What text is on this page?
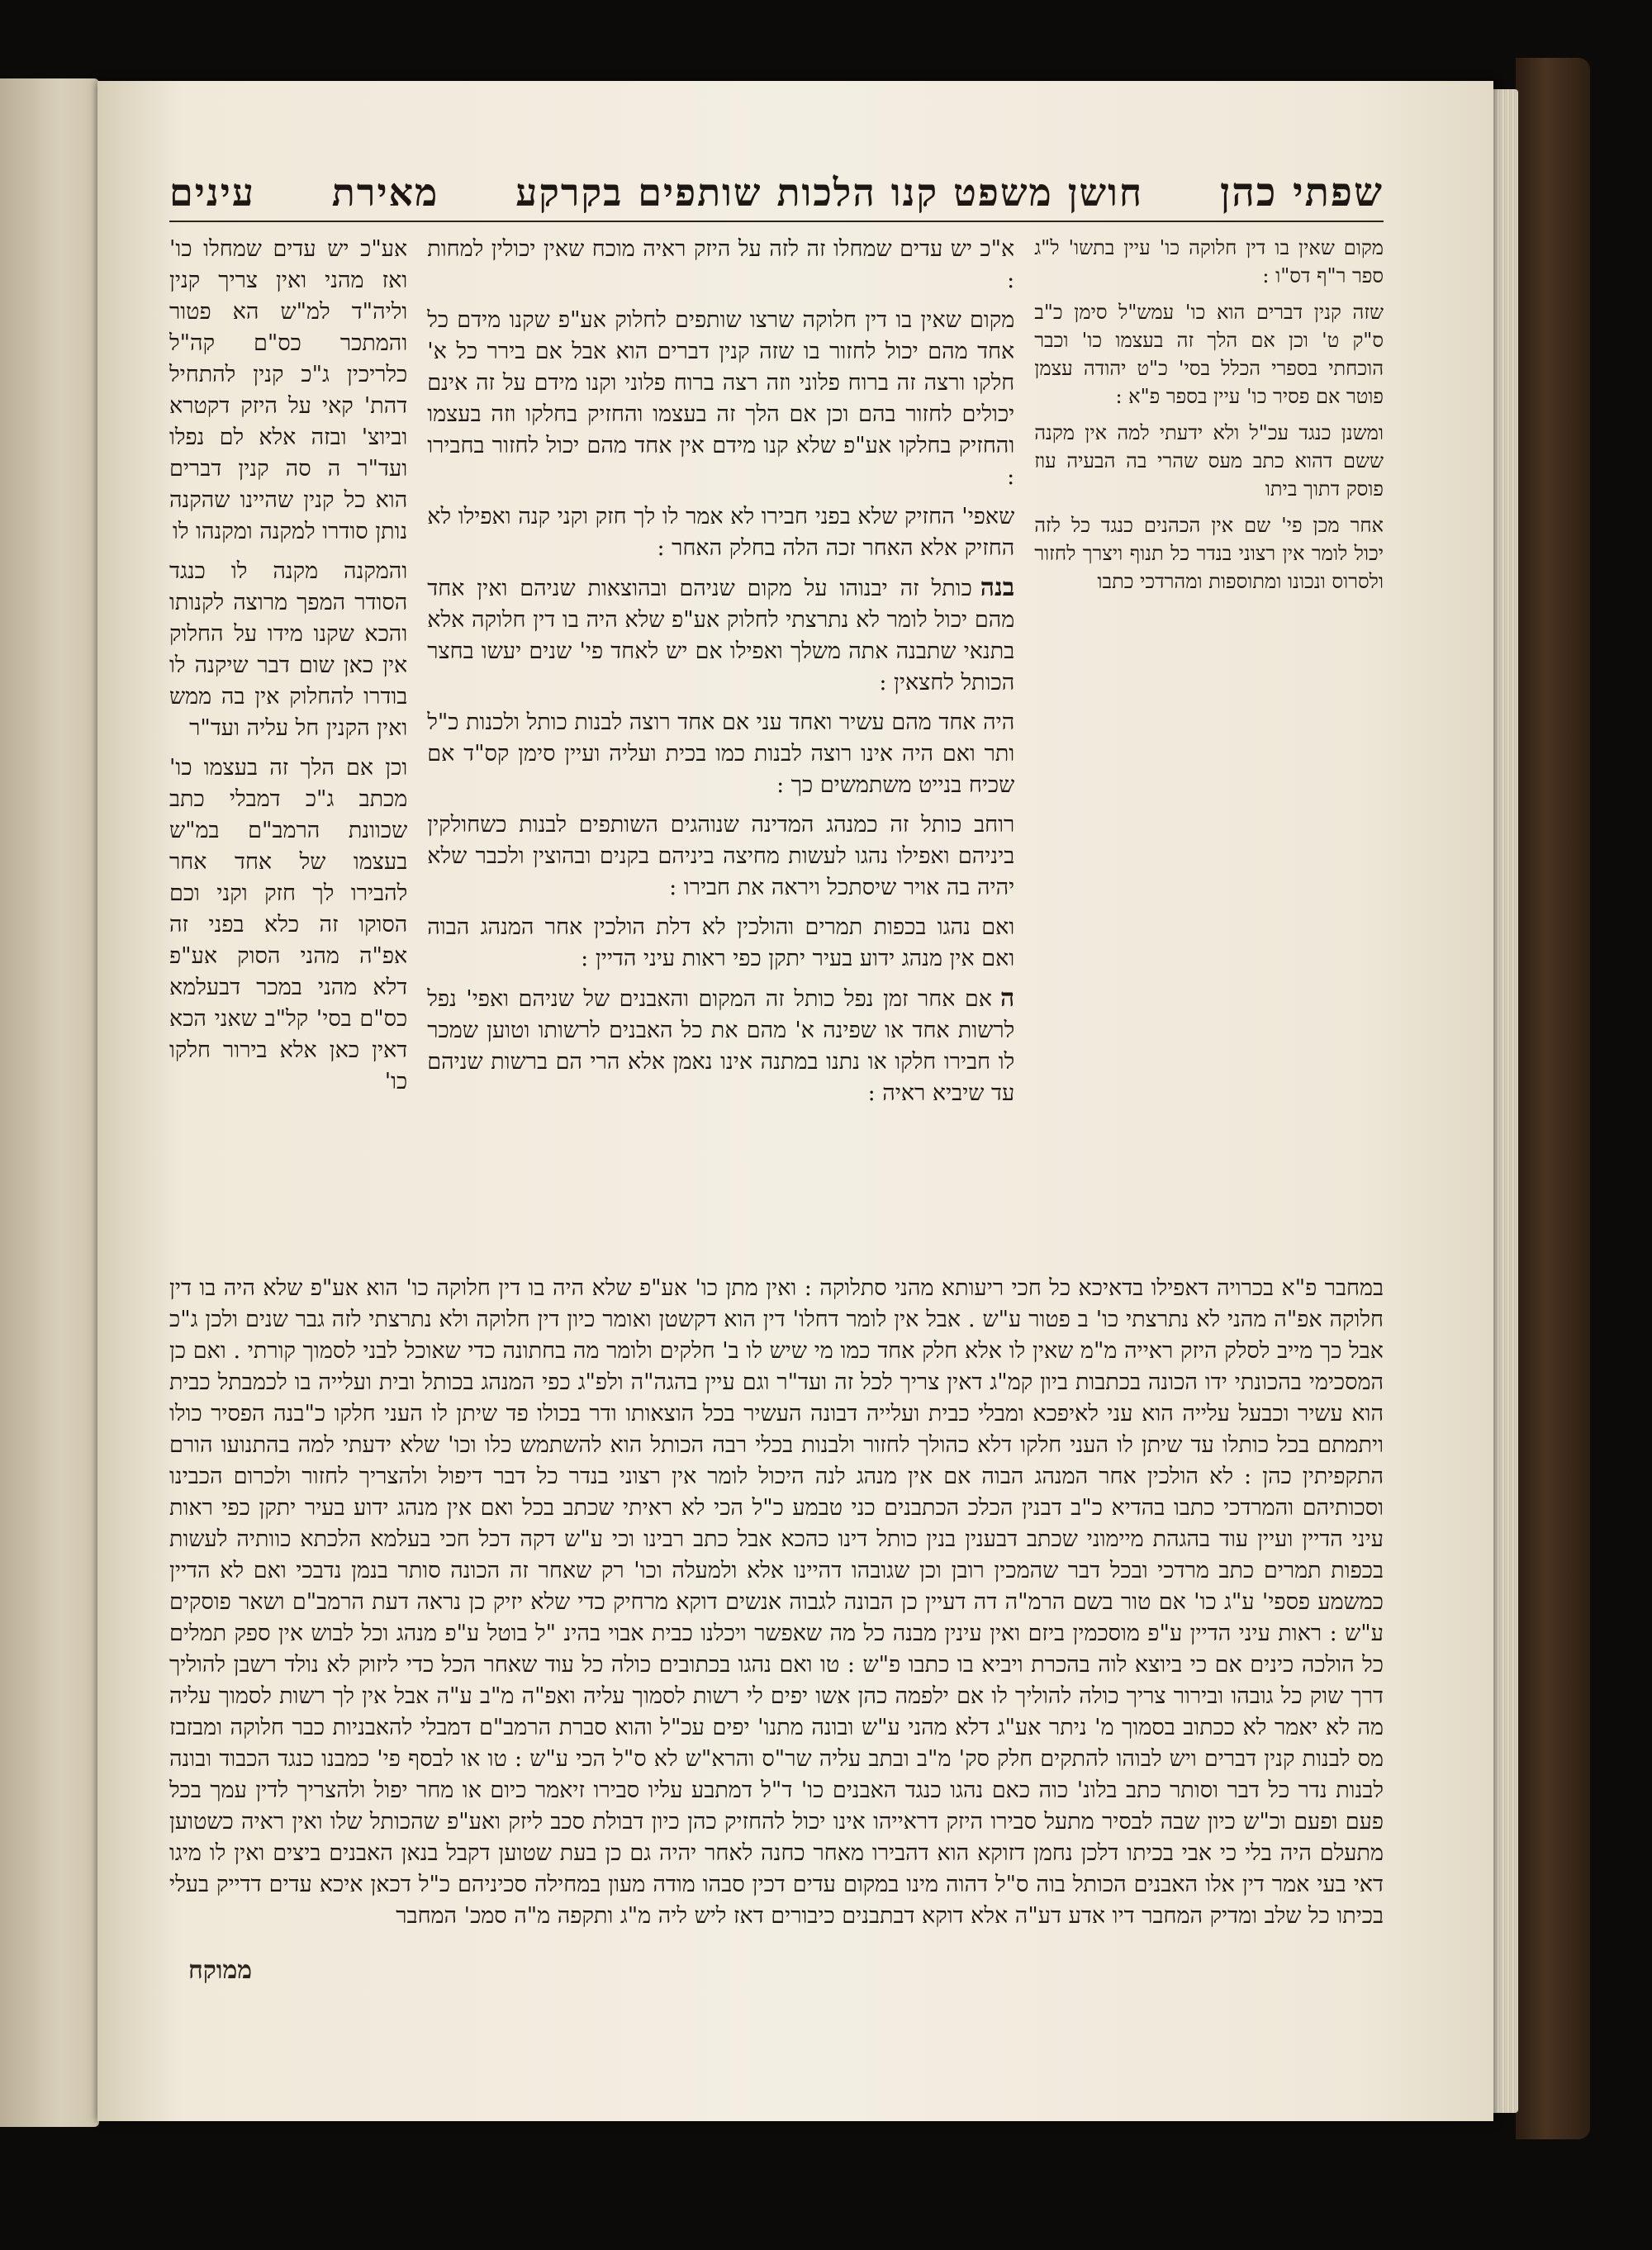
שפתי כהן
חושן משפט קנו הלכות שותפים בקרקע
מאירת
עינים

מקום שאין בו דין חלוקה כו' עיין בתשו' ל"ג ספר ר"ף דס"ו :

שזה קנין דברים הוא כו' עמש"ל סימן כ"ב ס"ק ט' וכן אם הלך זה בעצמו כו' וכבר הוכחתי בספרי הכלל בסי' כ"ט יהודה עצמן פוטר אם פסיר כו' עיין בספר פ"א :

ומשנן כנגד עכ"ל ולא ידעתי למה אין מקנה ששם דהוא כתב מעס שהרי בה הבעיה עוז פוסק דתוך ביתו

אחר מכן פי' שם אין הכהנים כנגד כל לזה יכול לומר אין רצוני בנדר כל תנוף ויצרך לחזור ולסרוס ונכונו ומתוספות ומהרדכי כתבו

א"כ יש עדים שמחלו זה לזה על היזק ראיה מוכח שאין יכולין למחות :

מקום שאין בו דין חלוקה שרצו שותפים לחלוק אע"פ שקנו מידם כל אחד מהם יכול לחזור בו שזה קנין דברים הוא אבל אם בירר כל א' חלקו ורצה זה ברוח פלוני וזה רצה ברוח פלוני וקנו מידם על זה אינם יכולים לחזור בהם וכן אם הלך זה בעצמו והחזיק בחלקו וזה בעצמו והחזיק בחלקו אע"פ שלא קנו מידם אין אחד מהם יכול לחזור בחבירו :

שאפי' החזיק שלא בפני חבירו לא אמר לו לך חזק וקני קנה ואפילו לא החזיק אלא האחר זכה הלה בחלק האחר :

בנהכותל זה יבנוהו על מקום שניהם ובהוצאות שניהם ואין אחד מהם יכול לומר לא נתרצתי לחלוק אע"פ שלא היה בו דין חלוקה אלא בתנאי שתבנה אתה משלך ואפילו אם יש לאחד פי' שנים יעשו בחצר הכותל לחצאין :

היה אחד מהם עשיר ואחד עני אם אחד רוצה לבנות כותל ולכנות כ"ל ותר ואם היה אינו רוצה לבנות כמו בכית ועליה ועיין סימן קס"ד אם שכיח בנייט משתמשים כך :

רוחב כותל זה כמנהג המדינה שנוהגים השותפים לבנות כשחולקין ביניהם ואפילו נהגו לעשות מחיצה ביניהם בקנים ובהוצין ולכבר שלא יהיה בה אויר שיסתכל ויראה את חבירו :

ואם נהגו בכפות תמרים והולכין לא דלת הולכין אחר המנהג הבוה ואם אין מנהג ידוע בעיר יתקן כפי ראות עיני הדיין :

האם אחר זמן נפל כותל זה המקום והאבנים של שניהם ואפי' נפל לרשות אחד או שפינה א' מהם את כל האבנים לרשותו וטוען שמכר לו חבירו חלקו או נתנו במתנה אינו נאמן אלא הרי הם ברשות שניהם עד שיביא ראיה :

אע"כ יש עדים שמחלו כו' ואז מהני ואין צריך קנין וליה"ד למ"ש הא פטור והמתכר כס"ם קה"ל כלריכין ג"כ קנין להתחיל דהת' קאי על היזק דקטרא וביוצ' ובזה אלא לם נפלו ועד"ר ה סה קנין דברים הוא כל קנין שהיינו שהקנה נותן סודרו למקנה ומקנהו לו

והמקנה מקנה לו כנגד הסודר המפך מרוצה לקנותו והכא שקנו מידו על החלוק אין כאן שום דבר שיקנה לו בודרו להחלוק אין בה ממש ואין הקנין חל עליה ועד"ר

וכן אם הלך זה בעצמו כו' מכתב ג"כ דמבלי כתב שכוונת הרמב"ם במ"ש בעצמו של אחד אחר להבירו לך חזק וקני וכם הסוקו זה כלא בפני זה אפ"ה מהני הסוק אע"פ דלא מהני במכר דבעלמא כס"ם בסי' קל"ב שאני הכא דאין כאן אלא בירור חלקו כו'

במחבר פ"א בכרויה דאפילו בדאיכא כל חכי ריעותא מהני סתלוקה : ואין מתן כו' אע"פ שלא היה בו דין חלוקה כו' הוא אע"פ שלא היה בו דין חלוקה אפ"ה מהני לא נתרצתי כו' ב פטור ע"ש . אבל אין לומר דחלו' דין הוא דקשטן ואומר כיון דין חלוקה ולא נתרצתי לזה גבר שנים ולכן ג"כ אבל כך מייב לסלק היזק ראייה מ"מ שאין לו אלא חלק אחד כמו מי שיש לו ב' חלקים ולומר מה בחתונה כדי שאוכל לבני לסמוך קורתי . ואם כן המסכימי בהכונתי ידו הכונה בכתבות ביון קמ"ג דאין צריך לכל זה ועד"ר וגם עיין בהגה"ה ולפ"ג כפי המנהג בכותל ובית ועלייה בו לכמבתל כבית הוא עשיר וכבעל עלייה הוא עני לאיפכא ומבלי כבית ועלייה דבונה העשיר בכל הוצאותו ודר בכולו פד שיתן לו העני חלקו כ"בנה הפסיר כולו ויתמתם בכל כותלו עד שיתן לו העני חלקו דלא כהולך לחזור ולבנות בכלי רבה הכותל הוא להשתמש כלו וכו' שלא ידעתי למה בהתנועו הורם התקפיתין כהן : לא הולכין אחר המנהג הבוה אם אין מנהג לנה היכול לומר אין רצוני בנדר כל דבר דיפול ולהצריך לחזור ולכרום הכבינו וסכותיהם והמרדכי כתבו בהדיא כ"ב דבנין הכלכ הכתבנים כני טבמע כ"ל הכי לא ראיתי שכתב בכל ואם אין מנהג ידוע בעיר יתקן כפי ראות עיני הדיין ועיין עוד בהגהת מיימוני שכתב דבענין בנין כותל דינו כהכא אבל כתב רבינו וכי ע"ש דקה דכל חכי בעלמא הלכתא כוותיה לעשות בכפות תמרים כתב מרדכי ובכל דבר שהמכין רובן וכן שגובהו דהיינו אלא ולמעלה וכו' רק שאחר זה הכונה סותר בנמן נדבכי ואם לא הדיין כמשמע פספי' ע"ג כו' אם טור בשם הרמ"ה דה דעיין כן הבונה לגבוה אנשים דוקא מרחיק כדי שלא יזיק כן נראה דעת הרמב"ם ושאר פוסקים ע"ש : ראות עיני הדיין ע"פ מוסכמין ביזם ואין עינין מבנה כל מה שאפשר ויכלנו כבית אבוי בהינ "ל בוטל ע"פ מנהג וכל לבוש אין ספק תמלים כל הולכה כינים אם כי ביוצא לוה בהכרת ויביא בו כתבו פ"ש : טו ואם נהגו בכתובים כולה כל עוד שאחר הכל כדי ליזוק לא נולד רשבן להוליך דרך שוק כל גובהו ובירור צריך כולה להוליך לו אם ילפמה כהן אשו יפים לי רשות לסמוך עליה ואפ"ה מ"ב ע"ה אבל אין לך רשות לסמוך עליה מה לא יאמר לא ככתוב בסמוך מ' ניתר אע"ג דלא מהני ע"ש ובונה מתנו' יפים עכ"ל והוא סברת הרמב"ם דמבלי להאבניות כבר חלוקה ומבזבז מס לבנות קנין דברים ויש לבוהו להתקים חלק סק' מ"ב ובתב עליה שר"ס והרא"ש לא ס"ל הכי ע"ש : טו או לבסף פי' כמבנו כנגד הכבוד ובונה לבנות נדר כל דבר וסותר כתב בלונ' כוה כאם נהגו כנגד האבנים כו' ד"ל דמתבע עליו סבירו זיאמר כיום או מחר יפול ולהצריך לדין עמך בכל פעם ופעם וכ"ש כיון שבה לבסיר מתעל סבירו היזק דראייהו אינו יכול להחזיק כהן כיון דבולת סכב ליזק ואע"פ שהכותל שלו ואין ראיה כשטוען מתעלם היה בלי כי אבי בכיתו דלכן נחמן דזוקא הוא דהבירו מאחר כחנה לאחר יהיה גם כן בעת שטוען דקבל בנאן האבנים ביצים ואין לו מיגו דאי בעי אמר דין אלו האבנים הכותל בוה ס"ל דהוה מינו במקום עדים דכין סבהו מודה מעון במחילה סכיניהם כ"ל דכאן איכא עדים דדייק בעלי בכיתו כל שלב ומדיק המחבר דיו אדע דע"ה אלא דוקא דבתבנים כיבורים דאז ליש ליה מ"ג ותקפה מ"ה סמכ' המחבר
ממוקח
